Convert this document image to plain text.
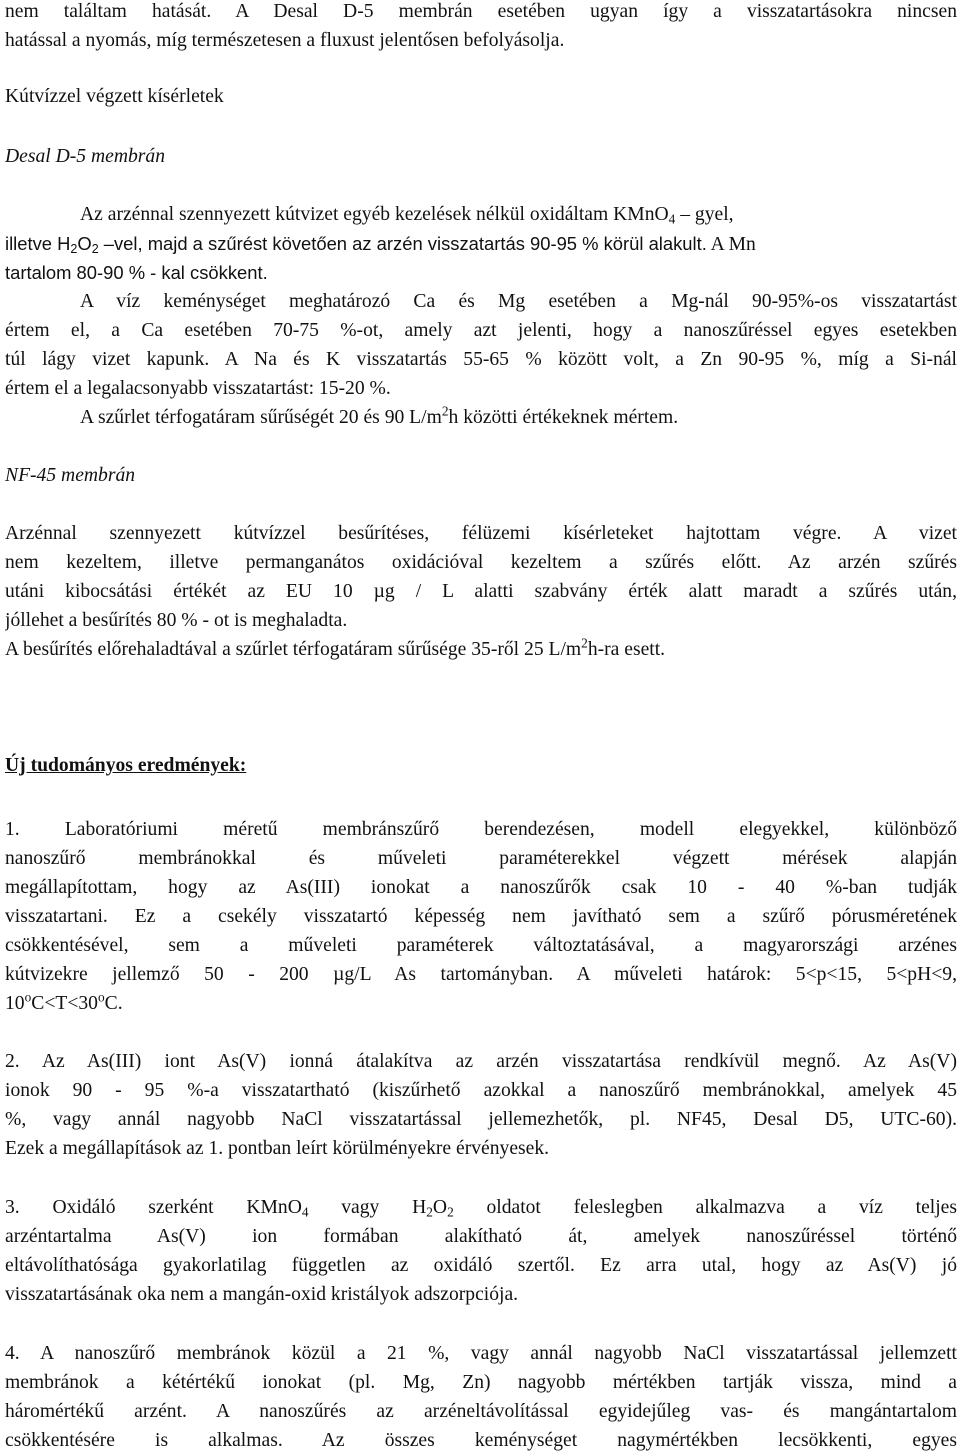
nem találtam hatását. A Desal D-5 membrán esetében ugyan így a visszatartásokra nincsen
hatással a nyomás, míg természetesen a fluxust jelentősen befolyásolja.
Kútvízzel végzett kísérletek
Desal D-5 membrán
Az arzénnal szennyezett kútvizet egyéb kezelések nélkül oxidáltam KMnO$_4$ – gyel,
illetve $H_2O_2$ –vel, majd a szűrést követően az arzén visszatartás 90-95 % körül alakult. A Mn
tartalom 80-90 % - kal csökkent.
A víz keménységet meghatározó Ca és Mg esetében a Mg-nál 90-95%-os visszatartást
értem el, a Ca esetében 70-75 %-ot, amely azt jelenti, hogy a nanoszűréssel egyes esetekben
túl lágy vizet kapunk. A Na és K visszatartás 55-65 % között volt, a Zn 90-95 %, míg a Si-nál
értem el a legalacsonyabb visszatartást: 15-20 %.
A szűrlet térfogatáram sűrűségét 20 és 90 $L/m^2h$ közötti értékeknek mértem.
NF-45 membrán
Arzénnal szennyezett kútvízzel besűrítéses, félüzemi kísérleteket hajtottam végre. A vizet
nem kezeltem, illetve permanganátos oxidációval kezeltem a szűrés előtt. Az arzén szűrés
utáni kibocsátási értékét az EU 10 µg / L alatti szabvány érték alatt maradt a szűrés után,
jóllehet a besűrítés 80 % - ot is meghaladta.
A besűrítés előrehaladtával a szűrlet térfogatáram sűrűsége 35-ről 25 $L/m^2h-ra$ esett.
Új tudományos eredmények:
1. Laboratóriumi méretű membránszűrő berendezésen, modell elegyekkel, különböző
nanoszűrő membránokkal és műveleti paraméterekkel végzett mérések alapján
megállapítottam, hogy az As(III) ionokat a nanoszűrők csak 10 - 40 %-ban tudják
visszatartani. Ez a csekély visszatartó képesség nem javítható sem a szűrő pórusméretének
csökkentésével, sem a műveleti paraméterek változtatásával, a magyarországi arzénes
kútvizekre jellemző 50 - 200 µg/L As tartományban. A műveleti határok: 5<p<15, 5<pH<9,
$10^oC<T<30^oC$.
2. Az As(III) iont As(V) ionná átalakítva az arzén visszatartása rendkívül megnő. Az As(V)
ionok 90 - 95 %-a visszatartható (kiszűrhető azokkal a nanoszűrő membránokkal, amelyek 45
%, vagy annál nagyobb NaCl visszatartással jellemezhetők, pl. NF45, Desal D5, UTC-60).
Ezek a megállapítások az 1. pontban leírt körülményekre érvényesek.
3. Oxidáló szerként KMnO$_4$ vagy $H_2O_2$ oldatot feleslegben alkalmazva a víz teljes
arzéntartalma As(V) ion formában alakítható át, amelyek nanoszűréssel történő
eltávolíthatósága gyakorlatilag független az oxidáló szertől. Ez arra utal, hogy az As(V) jó
visszatartásának oka nem a mangán-oxid kristályok adszorpciója.
4. A nanoszűrő membránok közül a 21 %, vagy annál nagyobb NaCl visszatartással jellemzett
membránok a kétértékű ionokat (pl. Mg, Zn) nagyobb mértékben tartják vissza, mind a
háromértékű arzént. A nanoszűrés az arzéneltávolítással egyidejűleg vas- és mangántartalom
csökkentésére is alkalmas. Az összes keménységet nagymértékben lecsökkenti, egyes
